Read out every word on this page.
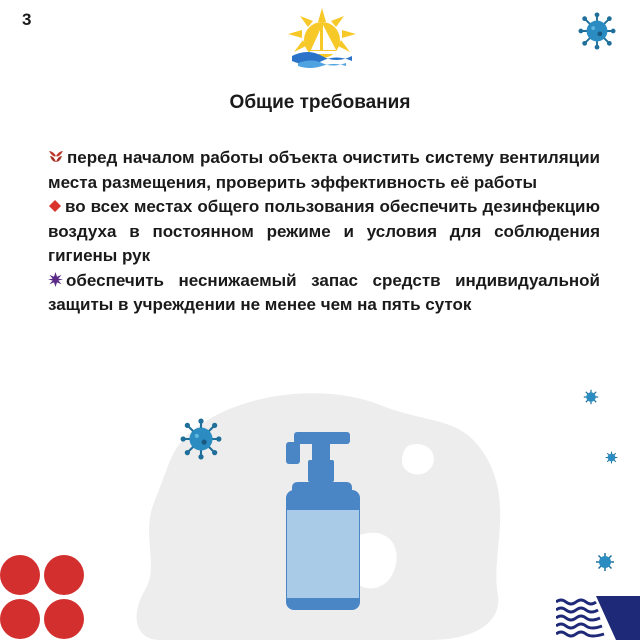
3
Общие требования
перед началом работы объекта очистить систему вентиляции места размещения, проверить эффективность её работы
во всех местах общего пользования обеспечить дезинфекцию воздуха в постоянном режиме и условия для соблюдения гигиены рук
обеспечить неснижаемый запас средств индивидуальной защиты в учреждении не менее чем на пять суток
